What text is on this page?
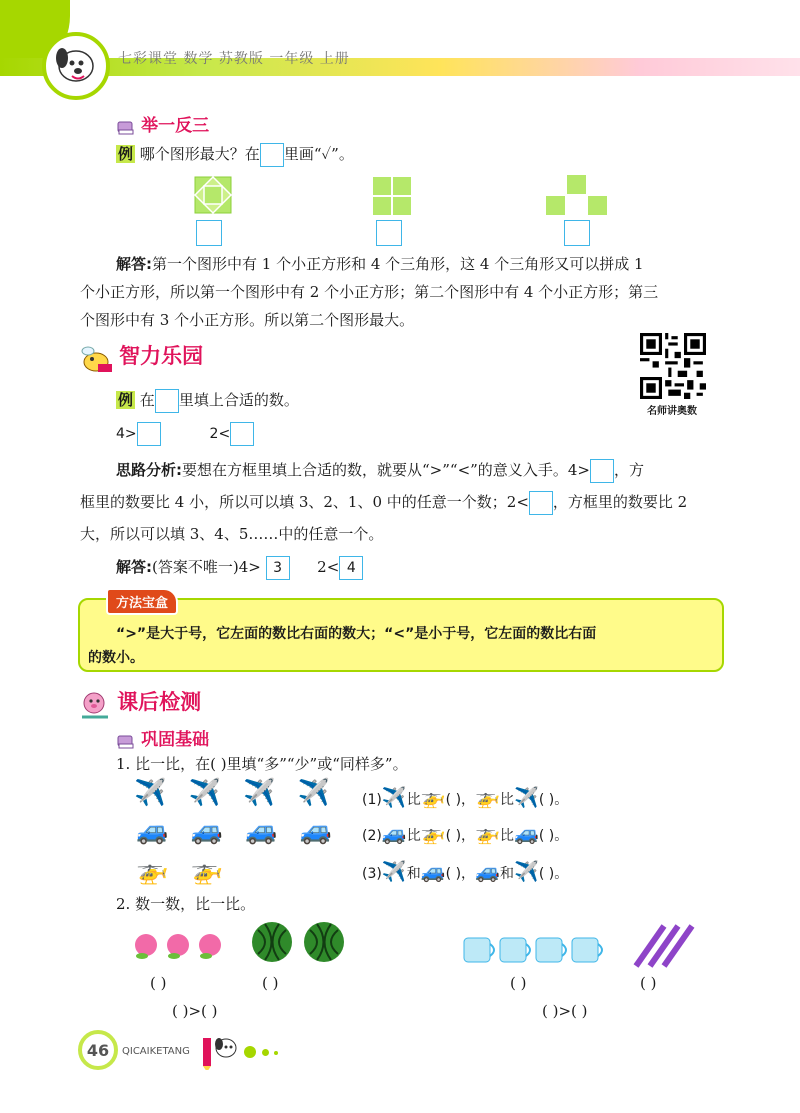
七彩课堂 数学 苏教版 一年级 上册
举一反三
例 哪个图形最大？在 里画“✓”。
解答:第一个图形中有 1 个小正方形和 4 个三角形，这 4 个三角形又可以拼成 1
个小正方形，所以第一个图形中有 2 个小正方形；第二个图形中有 4 个小正方形；第三
个图形中有 3 个小正方形。所以第二个图形最大。
智力乐园
名师讲奥数
例 在 里填上合适的数。
4>	2<
思路分析:要想在方框里填上合适的数，就要从“>”“<”的意义入手。4> ，方
框里的数要比 4 小，所以可以填 3、2、1、0 中的任意一个数；2< ，方框里的数要比 2
大，所以可以填 3、4、5……中的任意一个。
解答:(答案不唯一)4> 3 2< 4
方法宝盒
“>”是大于号，它左面的数比右面的数大；“<”是小于号，它左面的数比右面
的数小。
课后检测
巩固基础
1. 比一比，在( )里填“多”“少”或“同样多”。
✈️ ✈️ ✈️ ✈️
🚙 🚙 🚙 🚙
🚁 🚁
(1)✈️比🚁( )，🚁比✈️( )。
(2)🚙比🚁( )，🚁比🚙( )。
(3)✈️和🚙( )，🚙和✈️( )。
2. 数一数，比一比。
( )	( )
( )>( )
( )	( )
( )>( )
46	QICAIKETANG
